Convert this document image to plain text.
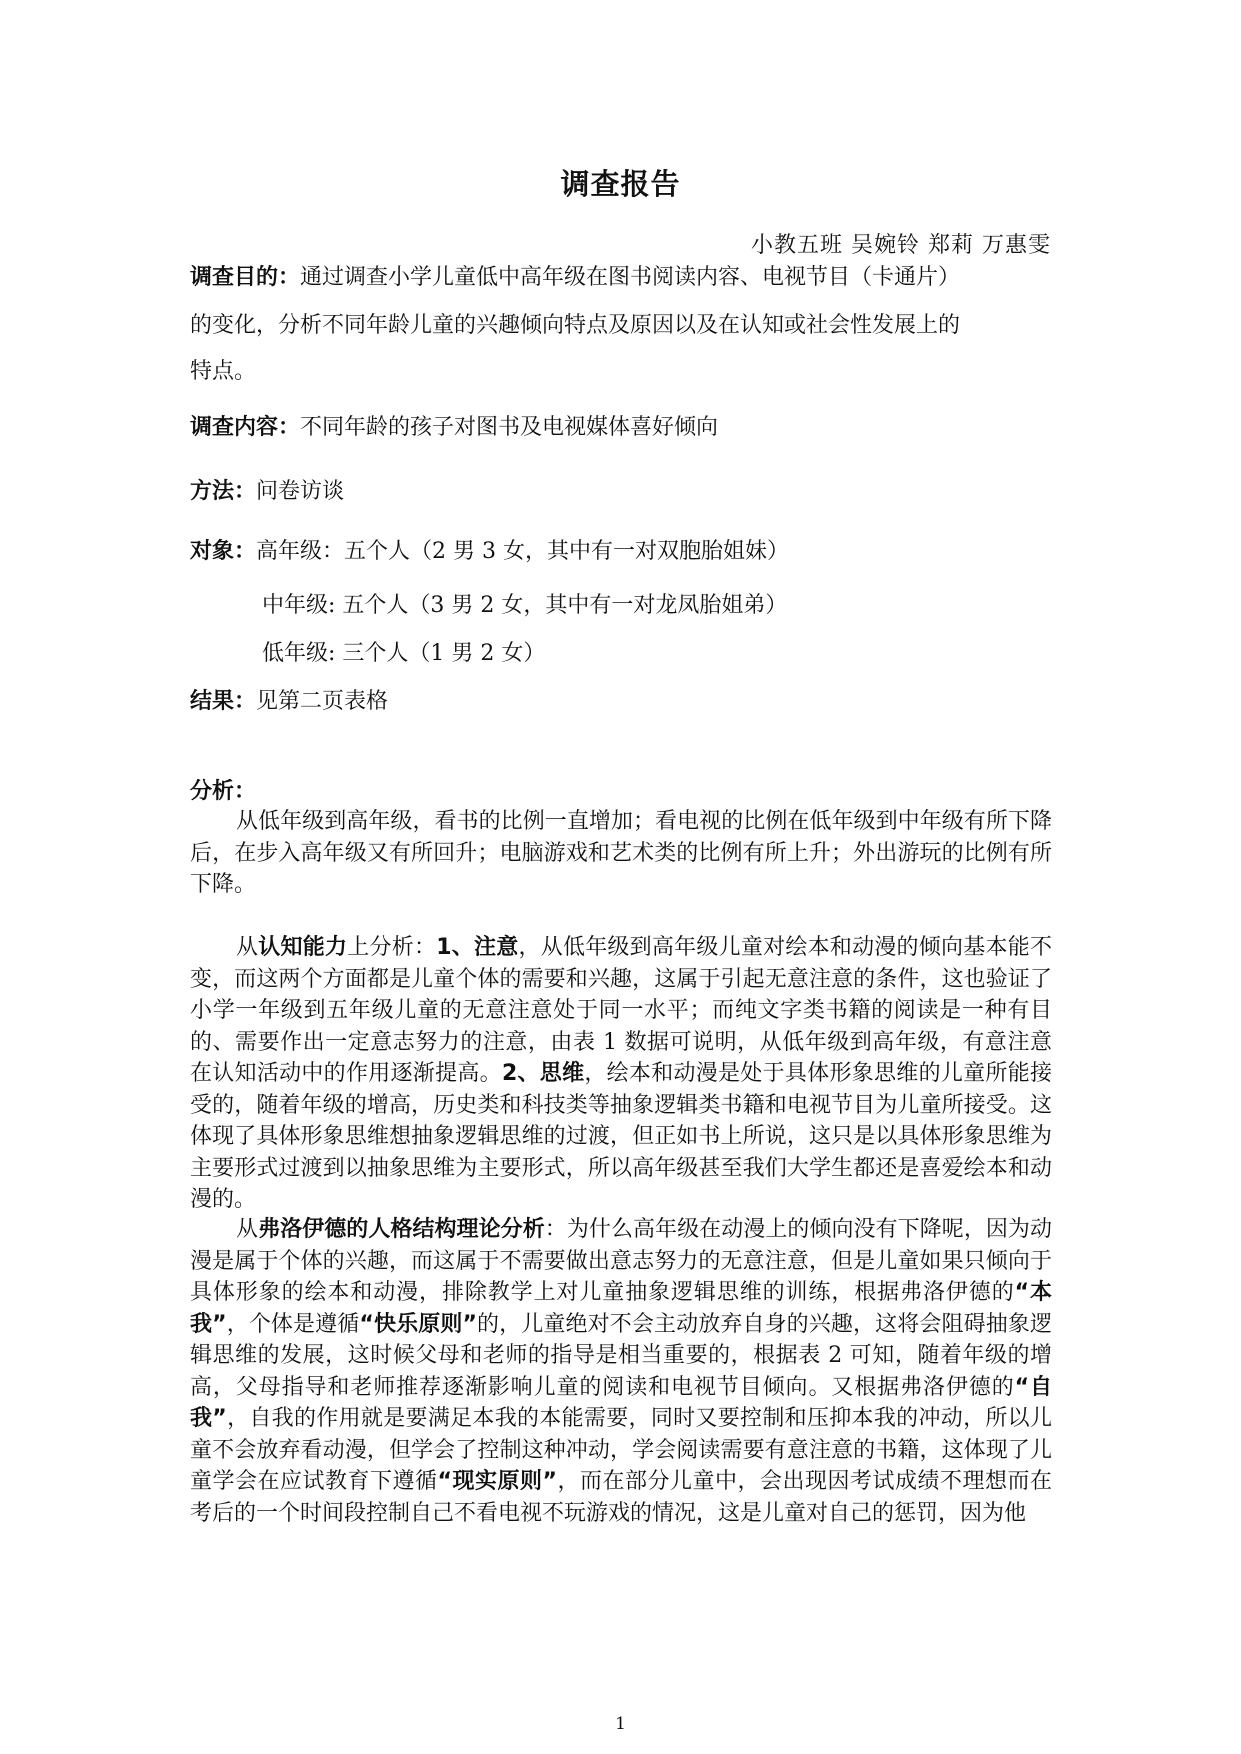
调查报告
小教五班 吴婉铃 郑莉 万惠雯
调查目的：通过调查小学儿童低中高年级在图书阅读内容、电视节目（卡通片）
的变化，分析不同年龄儿童的兴趣倾向特点及原因以及在认知或社会性发展上的
特点。
调查内容：不同年龄的孩子对图书及电视媒体喜好倾向
方法：问卷访谈
对象：高年级：五个人（2 男 3 女，其中有一对双胞胎姐妹）
中年级: 五个人（3 男 2 女，其中有一对龙凤胎姐弟）
低年级: 三个人（1 男 2 女）
结果：见第二页表格
分析：
从低年级到高年级，看书的比例一直增加；看电视的比例在低年级到中年级有所下降后，在步入高年级又有所回升；电脑游戏和艺术类的比例有所上升；外出游玩的比例有所下降。
从认知能力上分析：1、注意，从低年级到高年级儿童对绘本和动漫的倾向基本能不变，而这两个方面都是儿童个体的需要和兴趣，这属于引起无意注意的条件，这也验证了小学一年级到五年级儿童的无意注意处于同一水平；而纯文字类书籍的阅读是一种有目的、需要作出一定意志努力的注意，由表 1 数据可说明，从低年级到高年级，有意注意在认知活动中的作用逐渐提高。2、思维，绘本和动漫是处于具体形象思维的儿童所能接受的，随着年级的增高，历史类和科技类等抽象逻辑类书籍和电视节目为儿童所接受。这体现了具体形象思维想抽象逻辑思维的过渡，但正如书上所说，这只是以具体形象思维为主要形式过渡到以抽象思维为主要形式，所以高年级甚至我们大学生都还是喜爱绘本和动漫的。
从弗洛伊德的人格结构理论分析：为什么高年级在动漫上的倾向没有下降呢，因为动漫是属于个体的兴趣，而这属于不需要做出意志努力的无意注意，但是儿童如果只倾向于具体形象的绘本和动漫，排除教学上对儿童抽象逻辑思维的训练，根据弗洛伊德的“本我”，个体是遵循“快乐原则”的，儿童绝对不会主动放弃自身的兴趣，这将会阻碍抽象逻辑思维的发展，这时候父母和老师的指导是相当重要的，根据表 2 可知，随着年级的增高，父母指导和老师推荐逐渐影响儿童的阅读和电视节目倾向。又根据弗洛伊德的“自我”，自我的作用就是要满足本我的本能需要，同时又要控制和压抑本我的冲动，所以儿童不会放弃看动漫，但学会了控制这种冲动，学会阅读需要有意注意的书籍，这体现了儿童学会在应试教育下遵循“现实原则”，而在部分儿童中，会出现因考试成绩不理想而在考后的一个时间段控制自己不看电视不玩游戏的情况，这是儿童对自己的惩罚，因为他
1
